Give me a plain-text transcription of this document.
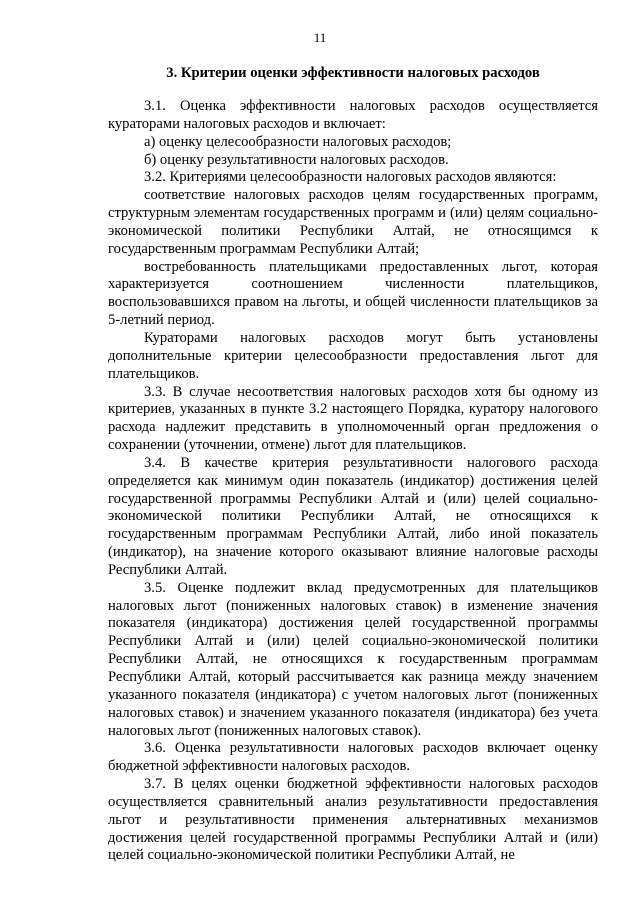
11
3. Критерии оценки эффективности налоговых расходов

3.1. Оценка эффективности налоговых расходов осуществляется кураторами налоговых расходов и включает:

а) оценку целесообразности налоговых расходов;

б) оценку результативности налоговых расходов.

3.2. Критериями целесообразности налоговых расходов являются:

соответствие налоговых расходов целям государственных программ, структурным элементам государственных программ и (или) целям социально-экономической политики Республики Алтай, не относящимся к государственным программам Республики Алтай;

востребованность плательщиками предоставленных льгот, которая характеризуется соотношением численности плательщиков, воспользовавшихся правом на льготы, и общей численности плательщиков за 5-летний период.

Кураторами налоговых расходов могут быть установлены дополнительные критерии целесообразности предоставления льгот для плательщиков.

3.3. В случае несоответствия налоговых расходов хотя бы одному из критериев, указанных в пункте 3.2 настоящего Порядка, куратору налогового расхода надлежит представить в уполномоченный орган предложения о сохранении (уточнении, отмене) льгот для плательщиков.

3.4. В качестве критерия результативности налогового расхода определяется как минимум один показатель (индикатор) достижения целей государственной программы Республики Алтай и (или) целей социально-экономической политики Республики Алтай, не относящихся к государственным программам Республики Алтай, либо иной показатель (индикатор), на значение которого оказывают влияние налоговые расходы Республики Алтай.

3.5. Оценке подлежит вклад предусмотренных для плательщиков налоговых льгот (пониженных налоговых ставок) в изменение значения показателя (индикатора) достижения целей государственной программы Республики Алтай и (или) целей социально-экономической политики Республики Алтай, не относящихся к государственным программам Республики Алтай, который рассчитывается как разница между значением указанного показателя (индикатора) с учетом налоговых льгот (пониженных налоговых ставок) и значением указанного показателя (индикатора) без учета налоговых льгот (пониженных налоговых ставок).

3.6. Оценка результативности налоговых расходов включает оценку бюджетной эффективности налоговых расходов.

3.7. В целях оценки бюджетной эффективности налоговых расходов осуществляется сравнительный анализ результативности предоставления льгот и результативности применения альтернативных механизмов достижения целей государственной программы Республики Алтай и (или) целей социально-экономической политики Республики Алтай, не
